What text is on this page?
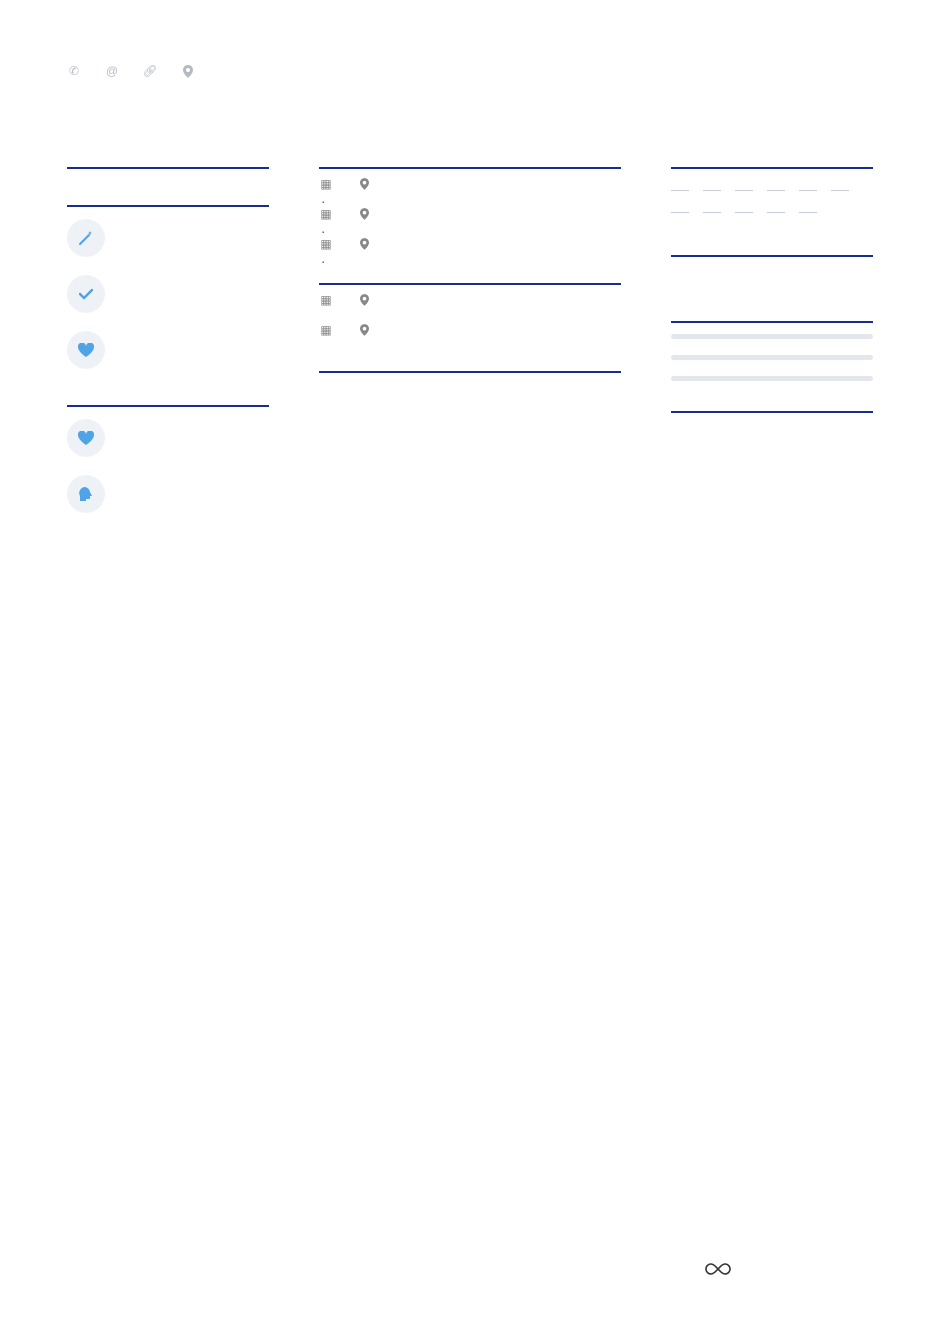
✆ @ 🔗︎
▦
▦
▦
▦
▦
